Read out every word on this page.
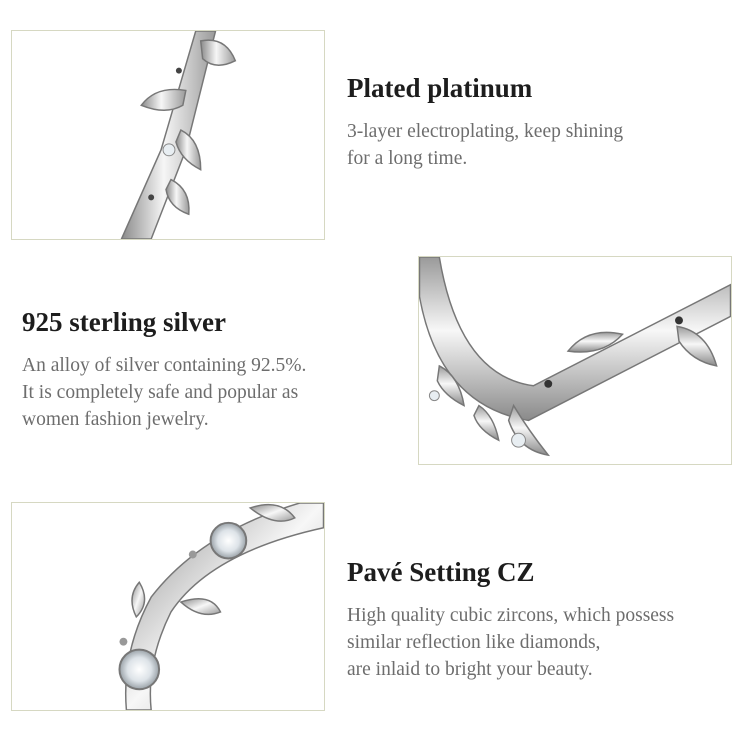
Plated platinum

3-layer electroplating, keep shining
for a long time.

925 sterling silver

An alloy of silver containing 92.5%.
It is completely safe and popular as
women fashion jewelry.

Pavé Setting CZ

High quality cubic zircons, which possess
similar reflection like diamonds,
are inlaid to bright your beauty.
